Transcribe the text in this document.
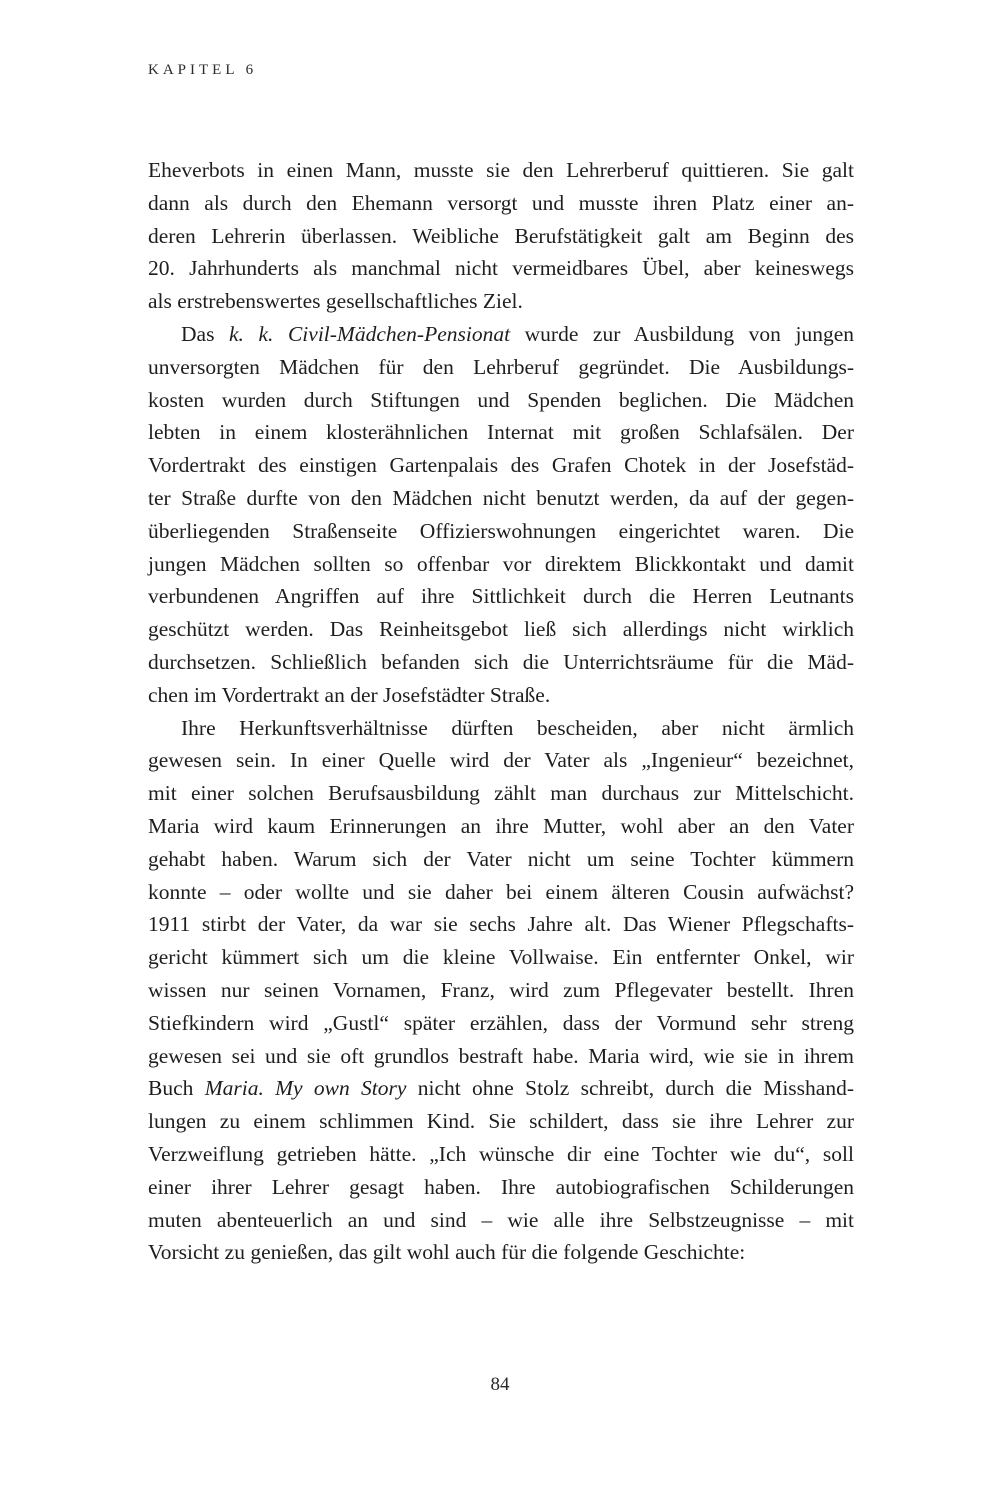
KAPITEL 6
Eheverbots in einen Mann, musste sie den Lehrerberuf quittieren. Sie galt
dann als durch den Ehemann versorgt und musste ihren Platz einer an-
deren Lehrerin überlassen. Weibliche Berufstätigkeit galt am Beginn des
20. Jahrhunderts als manchmal nicht vermeidbares Übel, aber keineswegs
als erstrebenswertes gesellschaftliches Ziel.
Das k. k. Civil-Mädchen-Pensionat wurde zur Ausbildung von jungen
unversorgten Mädchen für den Lehrberuf gegründet. Die Ausbildungs-
kosten wurden durch Stiftungen und Spenden beglichen. Die Mädchen
lebten in einem klosterähnlichen Internat mit großen Schlafsälen. Der
Vordertrakt des einstigen Gartenpalais des Grafen Chotek in der Josefstäd-
ter Straße durfte von den Mädchen nicht benutzt werden, da auf der gegen-
überliegenden Straßenseite Offizierswohnungen eingerichtet waren. Die
jungen Mädchen sollten so offenbar vor direktem Blickkontakt und damit
verbundenen Angriffen auf ihre Sittlichkeit durch die Herren Leutnants
geschützt werden. Das Reinheitsgebot ließ sich allerdings nicht wirklich
durchsetzen. Schließlich befanden sich die Unterrichtsräume für die Mäd-
chen im Vordertrakt an der Josefstädter Straße.
Ihre Herkunftsverhältnisse dürften bescheiden, aber nicht ärmlich
gewesen sein. In einer Quelle wird der Vater als „Ingenieur“ bezeichnet,
mit einer solchen Berufsausbildung zählt man durchaus zur Mittelschicht.
Maria wird kaum Erinnerungen an ihre Mutter, wohl aber an den Vater
gehabt haben. Warum sich der Vater nicht um seine Tochter kümmern
konnte – oder wollte und sie daher bei einem älteren Cousin aufwächst?
1911 stirbt der Vater, da war sie sechs Jahre alt. Das Wiener Pflegschafts-
gericht kümmert sich um die kleine Vollwaise. Ein entfernter Onkel, wir
wissen nur seinen Vornamen, Franz, wird zum Pflegevater bestellt. Ihren
Stiefkindern wird „Gustl“ später erzählen, dass der Vormund sehr streng
gewesen sei und sie oft grundlos bestraft habe. Maria wird, wie sie in ihrem
Buch Maria. My own Story nicht ohne Stolz schreibt, durch die Misshand-
lungen zu einem schlimmen Kind. Sie schildert, dass sie ihre Lehrer zur
Verzweiflung getrieben hätte. „Ich wünsche dir eine Tochter wie du“, soll
einer ihrer Lehrer gesagt haben. Ihre autobiografischen Schilderungen
muten abenteuerlich an und sind – wie alle ihre Selbstzeugnisse – mit
Vorsicht zu genießen, das gilt wohl auch für die folgende Geschichte:
84
